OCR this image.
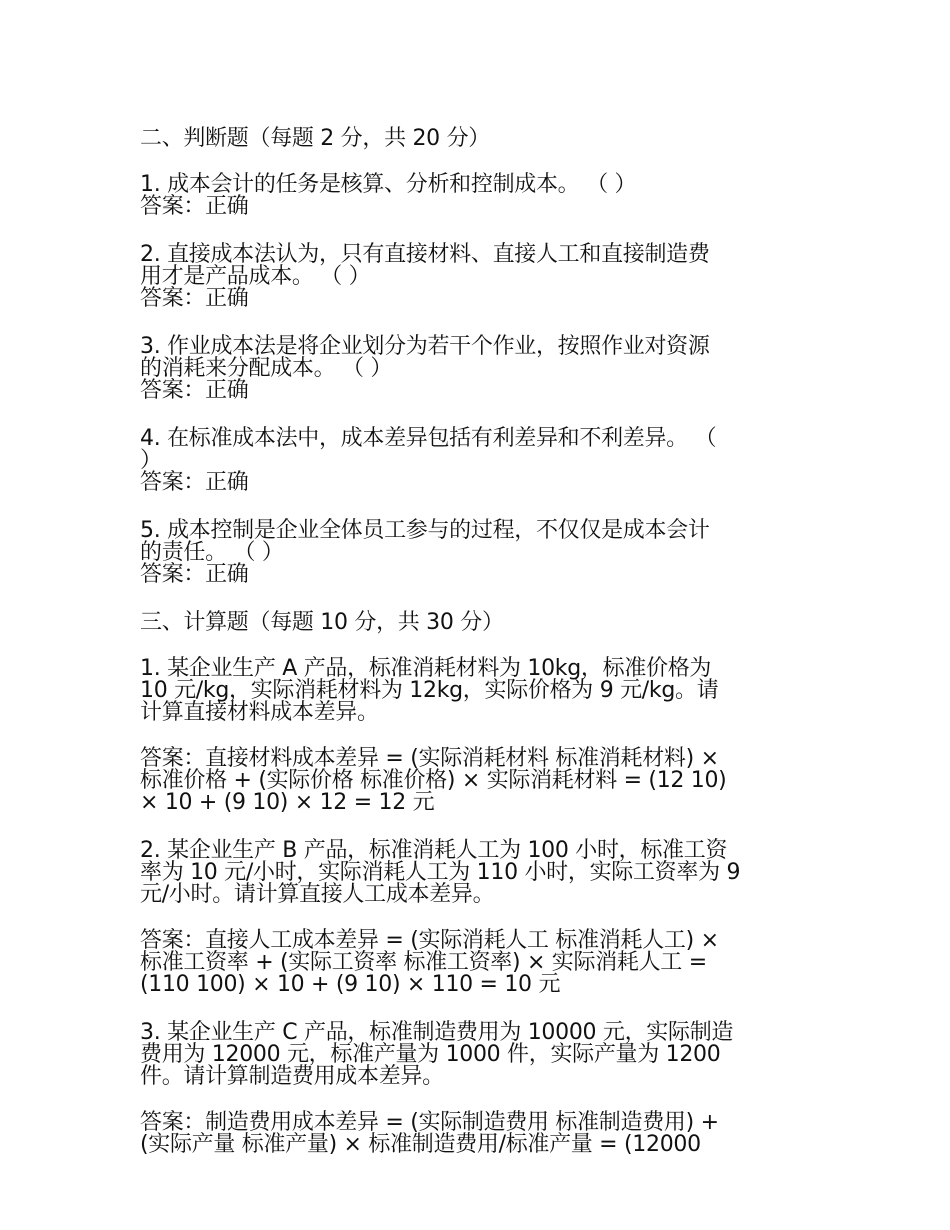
二、判断题（每题 2 分，共 20 分）

1. 成本会计的任务是核算、分析和控制成本。 （ ）

答案：正确

2. 直接成本法认为，只有直接材料、直接人工和直接制造费

用才是产品成本。 （ ）

答案：正确

3. 作业成本法是将企业划分为若干个作业，按照作业对资源

的消耗来分配成本。 （ ）

答案：正确

4. 在标准成本法中，成本差异包括有利差异和不利差异。 （

）

答案：正确

5. 成本控制是企业全体员工参与的过程，不仅仅是成本会计

的责任。 （ ）

答案：正确

三、计算题（每题 10 分，共 30 分）

1. 某企业生产 A 产品，标准消耗材料为 10kg，标准价格为

10 元/kg，实际消耗材料为 12kg，实际价格为 9 元/kg。请

计算直接材料成本差异。

答案：直接材料成本差异 = (实际消耗材料 标准消耗材料) ×

标准价格 + (实际价格 标准价格) × 实际消耗材料 = (12 10)

× 10 + (9 10) × 12 = 12 元

2. 某企业生产 B 产品，标准消耗人工为 100 小时，标准工资

率为 10 元/小时，实际消耗人工为 110 小时，实际工资率为 9

元/小时。请计算直接人工成本差异。

答案：直接人工成本差异 = (实际消耗人工 标准消耗人工) ×

标准工资率 + (实际工资率 标准工资率) × 实际消耗人工 =

(110 100) × 10 + (9 10) × 110 = 10 元

3. 某企业生产 C 产品，标准制造费用为 10000 元，实际制造

费用为 12000 元，标准产量为 1000 件，实际产量为 1200

件。请计算制造费用成本差异。

答案：制造费用成本差异 = (实际制造费用 标准制造费用) +

(实际产量 标准产量) × 标准制造费用/标准产量 = (12000
